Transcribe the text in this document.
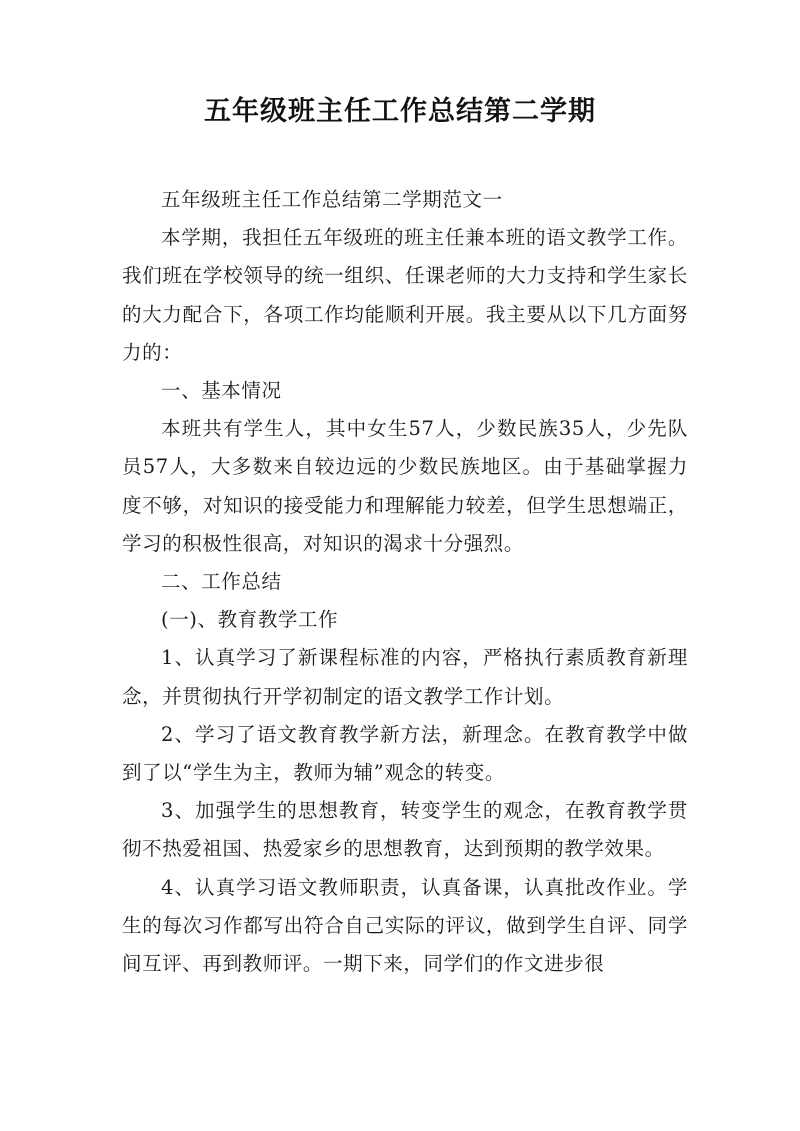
五年级班主任工作总结第二学期

五年级班主任工作总结第二学期范文一

本学期，我担任五年级班的班主任兼本班的语文教学工作。我们班在学校领导的统一组织、任课老师的大力支持和学生家长的大力配合下，各项工作均能顺利开展。我主要从以下几方面努力的：

一、基本情况

本班共有学生人，其中女生57人，少数民族35人，少先队员57人，大多数来自较边远的少数民族地区。由于基础掌握力度不够，对知识的接受能力和理解能力较差，但学生思想端正，学习的积极性很高，对知识的渴求十分强烈。

二、工作总结

(一)、教育教学工作

1、认真学习了新课程标准的内容，严格执行素质教育新理念，并贯彻执行开学初制定的语文教学工作计划。

2、学习了语文教育教学新方法，新理念。在教育教学中做到了以“学生为主，教师为辅”观念的转变。

3、加强学生的思想教育，转变学生的观念，在教育教学贯彻不热爱祖国、热爱家乡的思想教育，达到预期的教学效果。

4、认真学习语文教师职责，认真备课，认真批改作业。学生的每次习作都写出符合自己实际的评议，做到学生自评、同学间互评、再到教师评。一期下来，同学们的作文进步很
